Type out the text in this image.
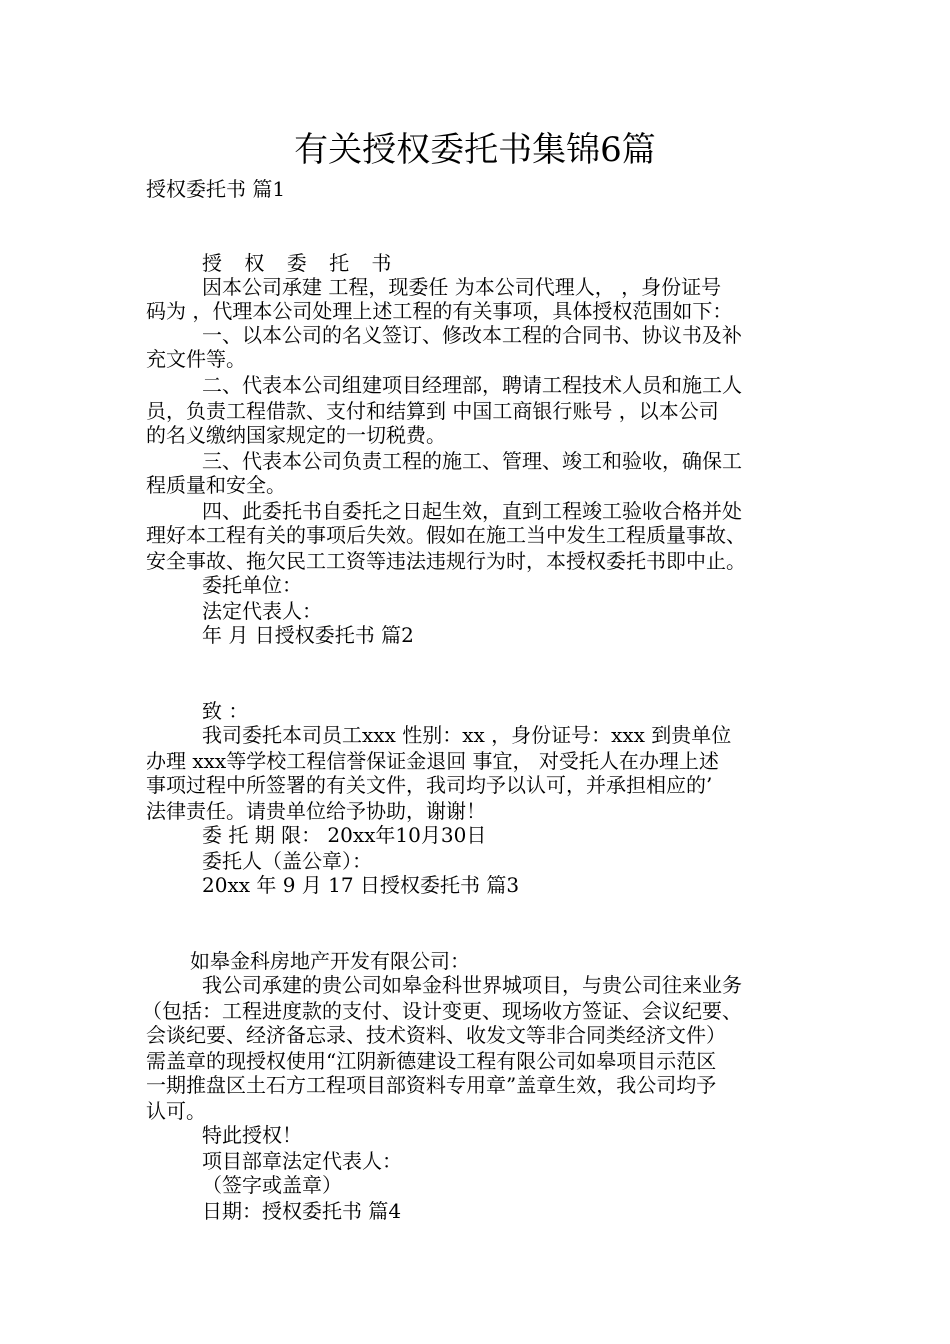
有关授权委托书集锦6篇
授权委托书 篇1
授 权 委 托 书
因本公司承建 工程，现委任 为本公司代理人， ，身份证号
码为 ，代理本公司处理上述工程的有关事项，具体授权范围如下：
一、以本公司的名义签订、修改本工程的合同书、协议书及补
充文件等。
二、代表本公司组建项目经理部，聘请工程技术人员和施工人
员，负责工程借款、支付和结算到 中国工商银行账号 ，以本公司
的名义缴纳国家规定的一切税费。
三、代表本公司负责工程的施工、管理、竣工和验收，确保工
程质量和安全。
四、此委托书自委托之日起生效，直到工程竣工验收合格并处
理好本工程有关的事项后失效。假如在施工当中发生工程质量事故、
安全事故、拖欠民工工资等违法违规行为时，本授权委托书即中止。
委托单位：
法定代表人：
年 月 日授权委托书 篇2
致 ：
我司委托本司员工xxx 性别：xx ，身份证号：xxx 到贵单位
办理 xxx等学校工程信誉保证金退回 事宜， 对受托人在办理上述
事项过程中所签署的有关文件，我司均予以认可，并承担相应的’
法律责任。请贵单位给予协助，谢谢！
委 托 期 限： 20xx年10月30日
委托人（盖公章）：
20xx 年 9 月 17 日授权委托书 篇3
如皋金科房地产开发有限公司：
我公司承建的贵公司如皋金科世界城项目，与贵公司往来业务
（包括：工程进度款的支付、设计变更、现场收方签证、会议纪要、
会谈纪要、经济备忘录、技术资料、收发文等非合同类经济文件）
需盖章的现授权使用“江阴新德建设工程有限公司如皋项目示范区
一期推盘区土石方工程项目部资料专用章”盖章生效，我公司均予
认可。
特此授权！
项目部章法定代表人：
（签字或盖章）
日期：授权委托书 篇4
